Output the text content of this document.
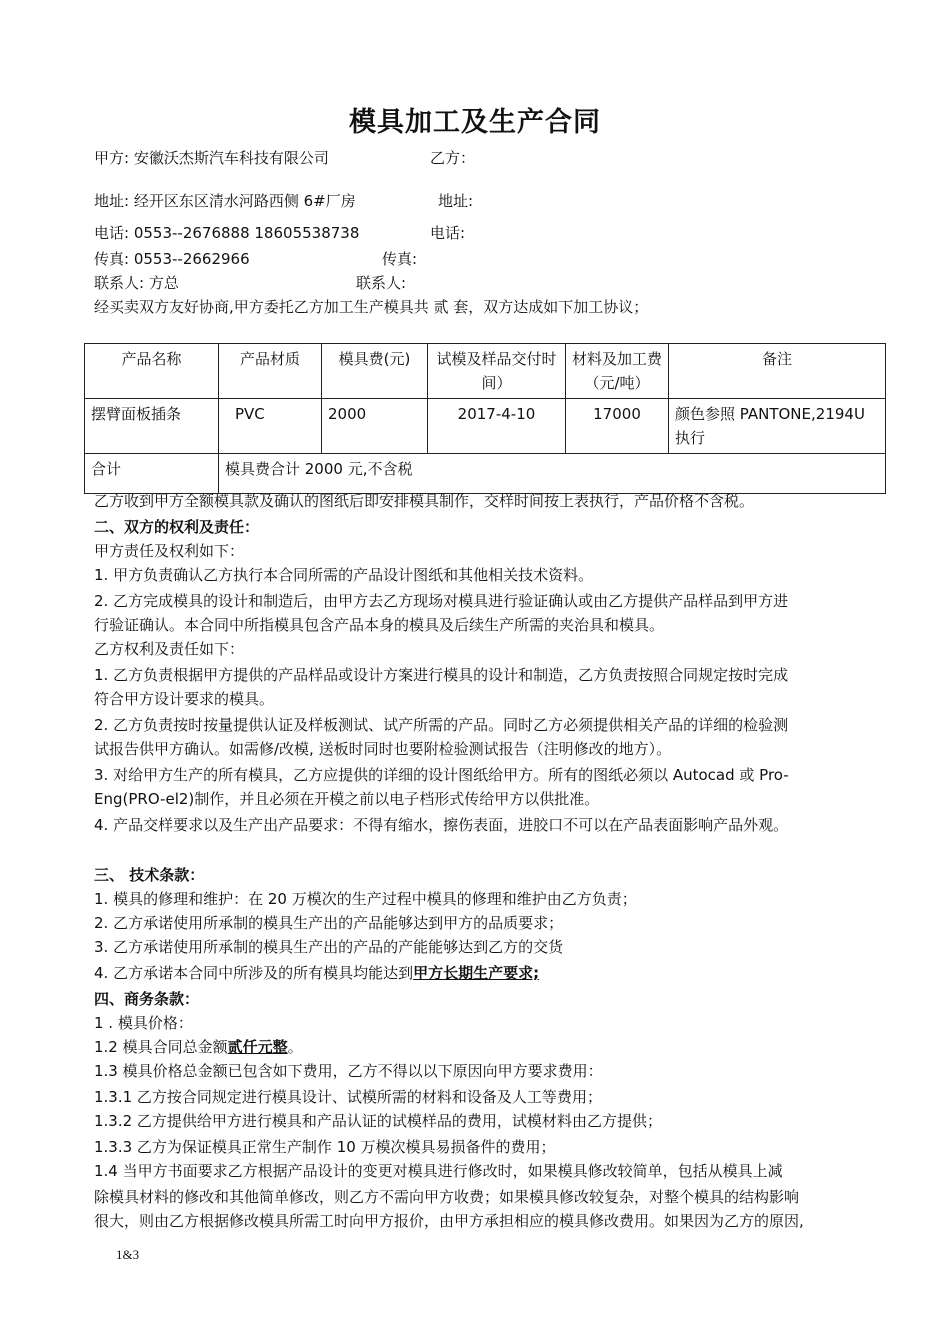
模具加工及生产合同
甲方: 安徽沃杰斯汽车科技有限公司	乙方：
地址: 经开区东区清水河路西侧 6#厂房	地址:
电话: 0553--2676888 18605538738	电话:
传真: 0553--2662966	传真:
联系人: 方总	联系人:
经买卖双方友好协商,甲方委托乙方加工生产模具共 贰 套，双方达成如下加工协议；
产品名称	产品材质	模具费(元)	试模及样品交付时间）	材料及加工费（元/吨）	备注
摆臂面板插条	PVC	2000	2017-4-10	17000	颜色参照 PANTONE,2194U 执行
合计	模具费合计 2000 元,不含税				
乙方收到甲方全额模具款及确认的图纸后即安排模具制作，交样时间按上表执行，产品价格不含税。
二、双方的权利及责任：
甲方责任及权利如下：
1. 甲方负责确认乙方执行本合同所需的产品设计图纸和其他相关技术资料。
2. 乙方完成模具的设计和制造后，由甲方去乙方现场对模具进行验证确认或由乙方提供产品样品到甲方进
行验证确认。本合同中所指模具包含产品本身的模具及后续生产所需的夹治具和模具。
乙方权利及责任如下：
1. 乙方负责根据甲方提供的产品样品或设计方案进行模具的设计和制造，乙方负责按照合同规定按时完成
符合甲方设计要求的模具。
2. 乙方负责按时按量提供认证及样板测试、试产所需的产品。同时乙方必须提供相关产品的详细的检验测
试报告供甲方确认。如需修/改模, 送板时同时也要附检验测试报告（注明修改的地方）。
3. 对给甲方生产的所有模具，乙方应提供的详细的设计图纸给甲方。所有的图纸必须以 Autocad 或 Pro-
Eng(PRO-el2)制作，并且必须在开模之前以电子档形式传给甲方以供批准。
4. 产品交样要求以及生产出产品要求：不得有缩水，擦伤表面，进胶口不可以在产品表面影响产品外观。
三、 技术条款：
1. 模具的修理和维护：在 20 万模次的生产过程中模具的修理和维护由乙方负责；
2. 乙方承诺使用所承制的模具生产出的产品能够达到甲方的品质要求；
3. 乙方承诺使用所承制的模具生产出的产品的产能能够达到乙方的交货
4. 乙方承诺本合同中所涉及的所有模具均能达到甲方长期生产要求;
四、商务条款：
1 . 模具价格：
1.2 模具合同总金额贰仟元整。
1.3 模具价格总金额已包含如下费用，乙方不得以以下原因向甲方要求费用：
1.3.1 乙方按合同规定进行模具设计、试模所需的材料和设备及人工等费用；
1.3.2 乙方提供给甲方进行模具和产品认证的试模样品的费用，试模材料由乙方提供；
1.3.3 乙方为保证模具正常生产制作 10 万模次模具易损备件的费用；
1.4 当甲方书面要求乙方根据产品设计的变更对模具进行修改时，如果模具修改较简单，包括从模具上减
除模具材料的修改和其他简单修改，则乙方不需向甲方收费；如果模具修改较复杂，对整个模具的结构影响
很大，则由乙方根据修改模具所需工时向甲方报价，由甲方承担相应的模具修改费用。如果因为乙方的原因,
1&3
